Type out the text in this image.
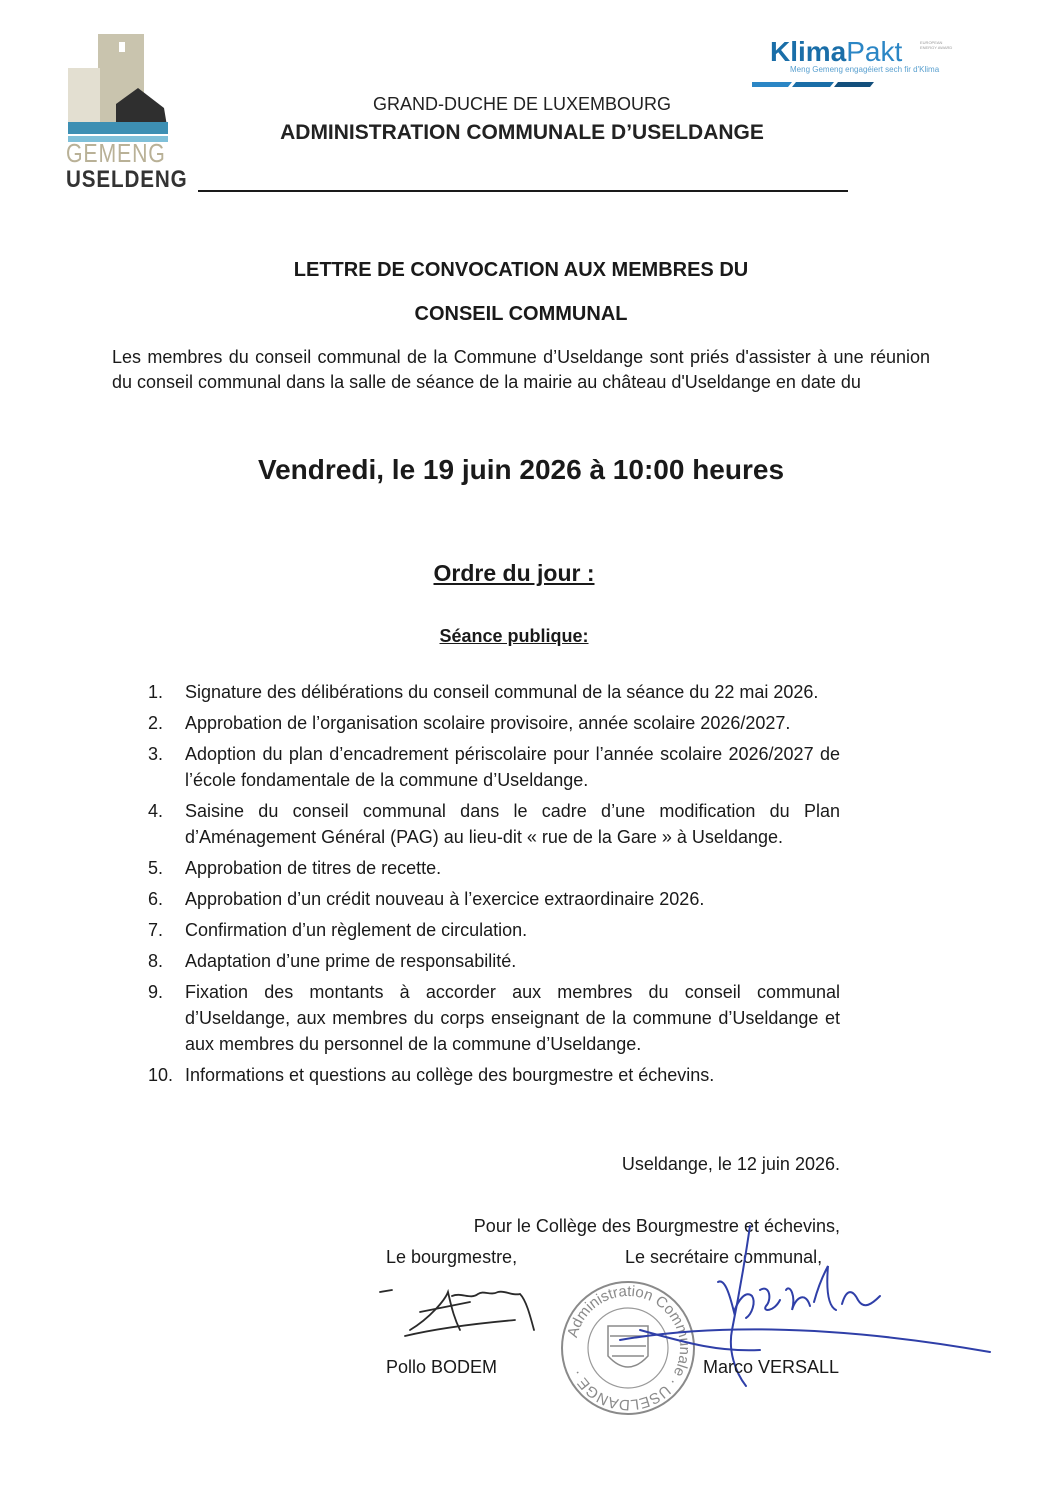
GEMENG
USELDENG
KlimaPakt	EUROPEAN ENERGY AWARD
Meng Gemeng engagéiert sech fir d'Klima
GRAND-DUCHE DE LUXEMBOURG
ADMINISTRATION COMMUNALE D’USELDANGE
LETTRE DE CONVOCATION AUX MEMBRES DU
CONSEIL COMMUNAL
Les membres du conseil communal de la Commune d’Useldange sont priés d'assister à une réunion du conseil communal dans la salle de séance de la mairie au château d'Useldange en date du
Vendredi, le 19 juin 2026 à 10:00 heures
Ordre du jour :
Séance publique:
1.	Signature des délibérations du conseil communal de la séance du 22 mai 2026.
2.	Approbation de l’organisation scolaire provisoire, année scolaire 2026/2027.
3.	Adoption du plan d’encadrement périscolaire pour l’année scolaire 2026/2027 de l’école fondamentale de la commune d’Useldange.
4.	Saisine du conseil communal dans le cadre d’une modification du Plan d’Aménagement Général (PAG) au lieu-dit « rue de la Gare » à Useldange.
5.	Approbation de titres de recette.
6.	Approbation d’un crédit nouveau à l’exercice extraordinaire 2026.
7.	Confirmation d’un règlement de circulation.
8.	Adaptation d’une prime de responsabilité.
9.	Fixation des montants à accorder aux membres du conseil communal d’Useldange, aux membres du corps enseignant de la commune d’Useldange et aux membres du personnel de la commune d’Useldange.
10. Informations et questions au collège des bourgmestre et échevins.
Useldange, le 12 juin 2026.
Pour le Collège des Bourgmestre et échevins,
Le bourgmestre,	Le secrétaire communal,
Administration Communale · USELDANGE ·
Pollo BODEM	Marco VERSALL
